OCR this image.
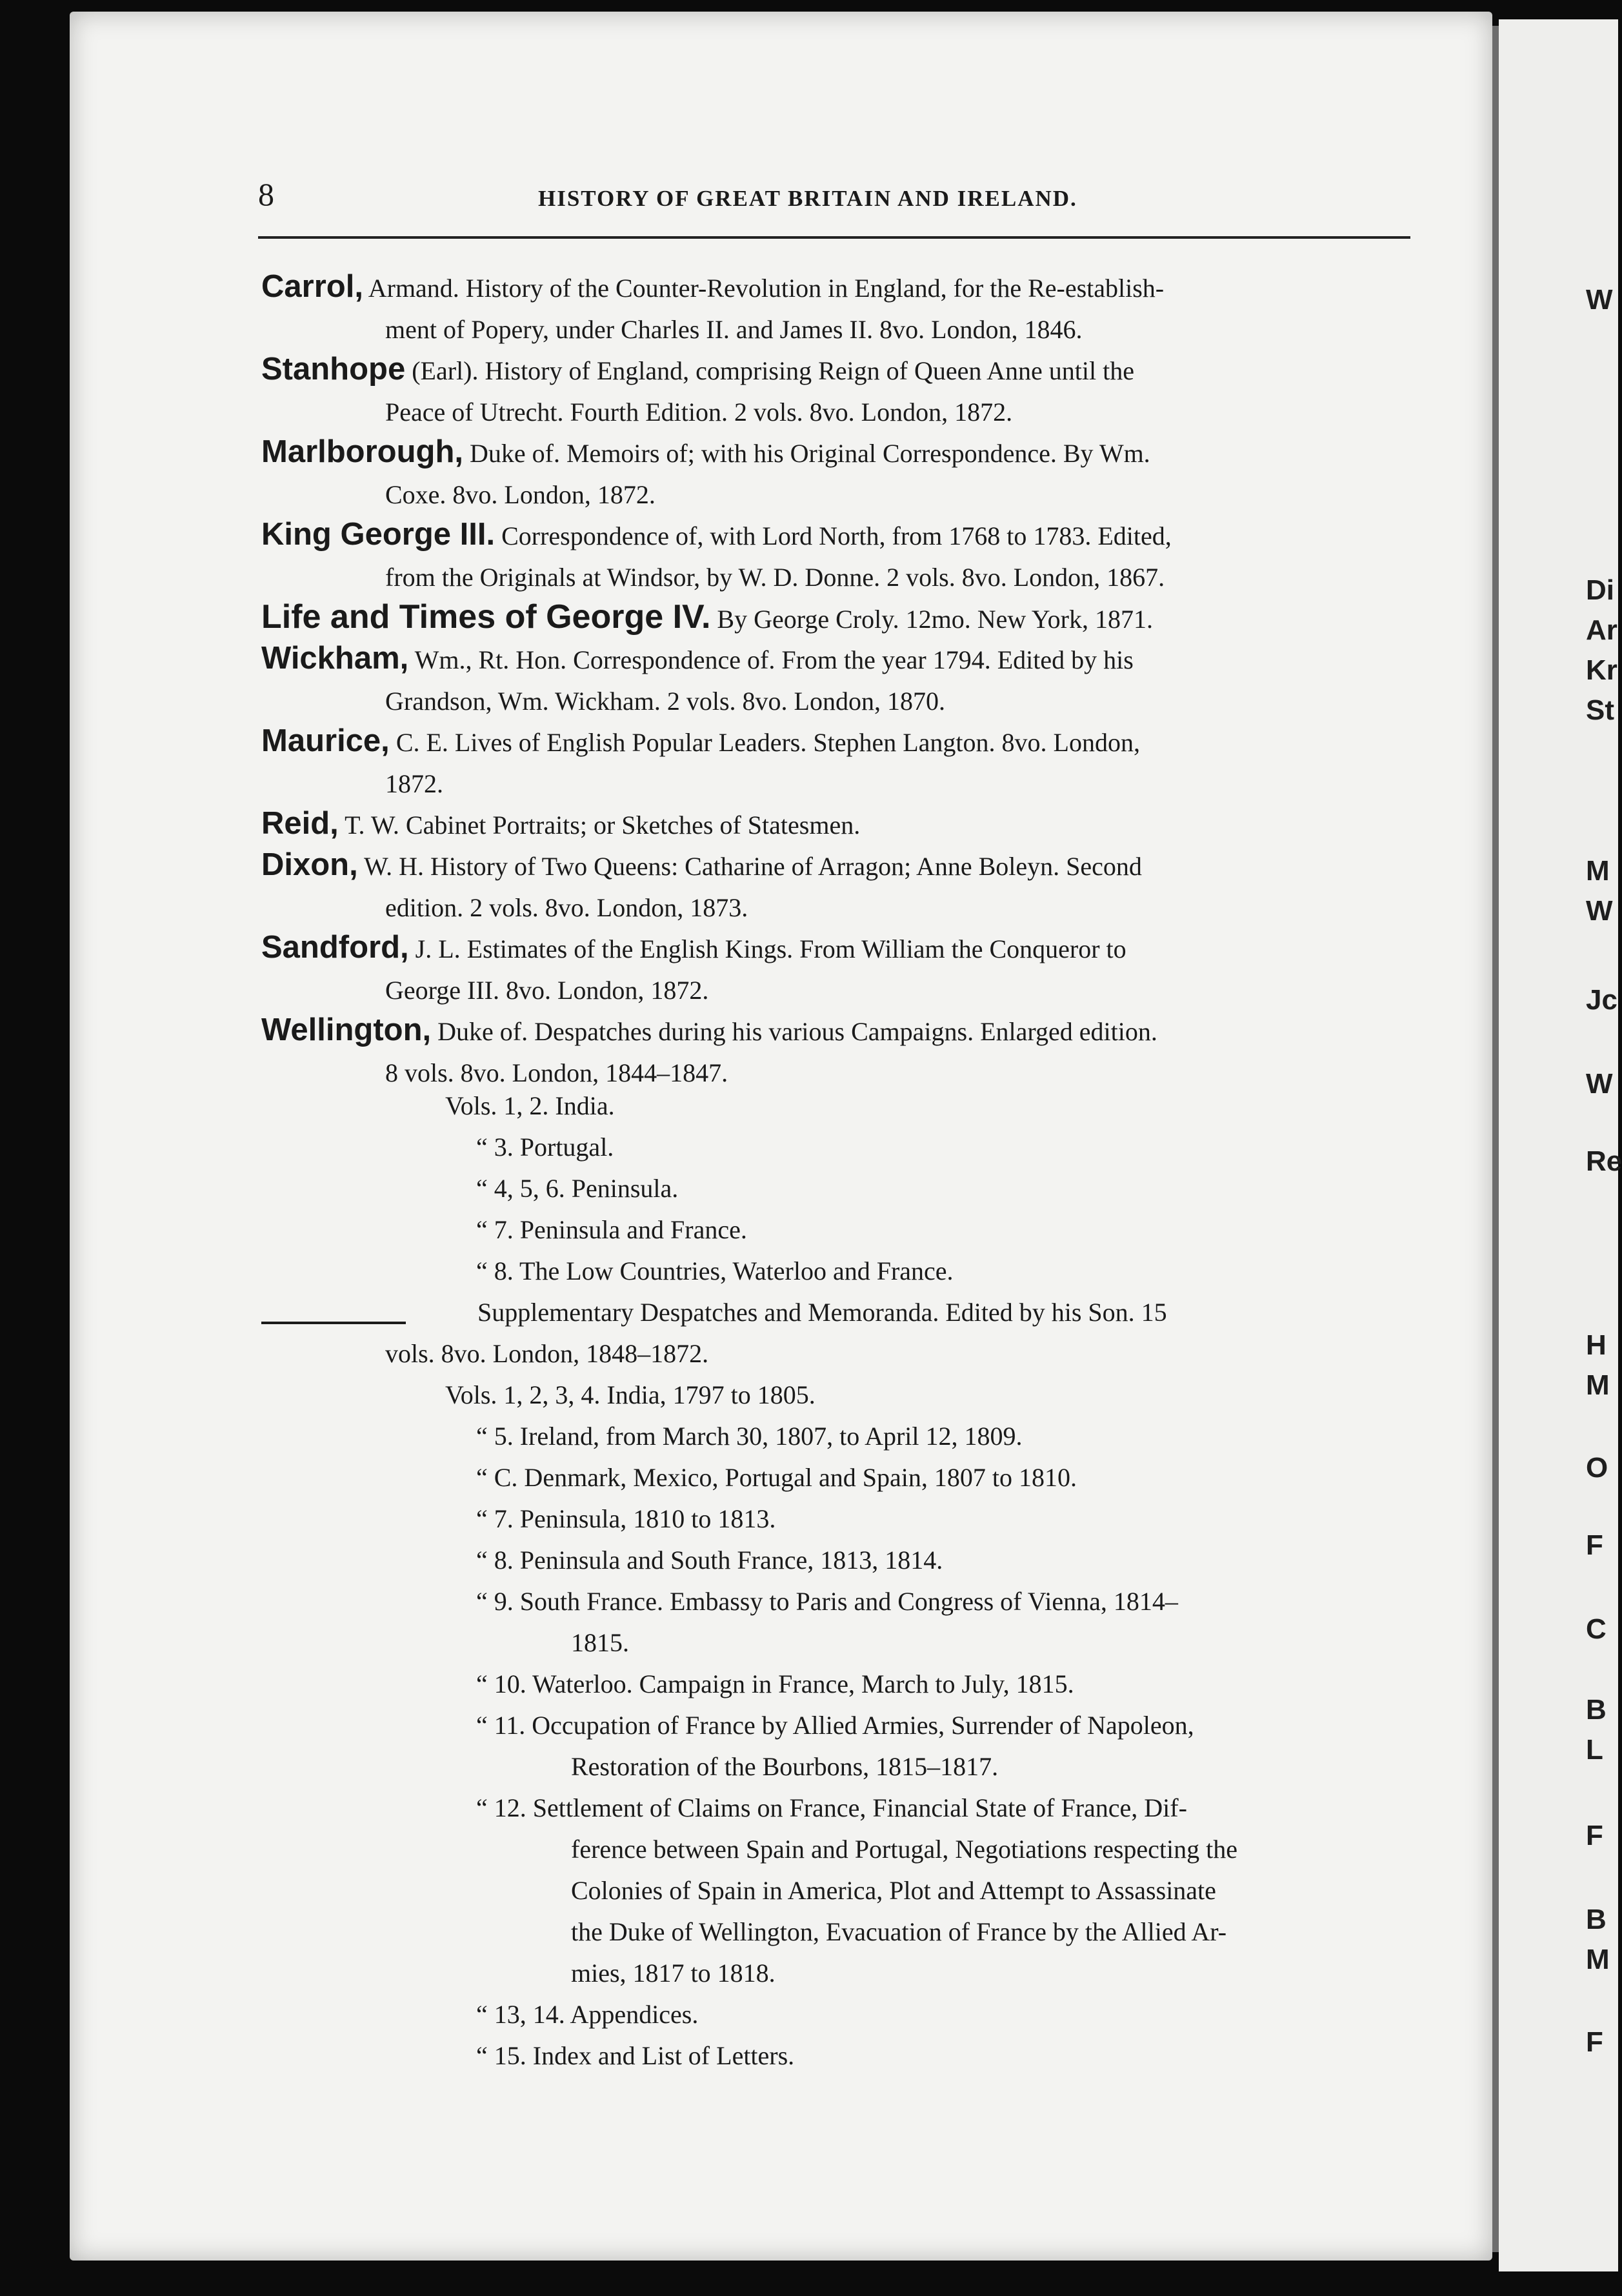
W
Di
Ar
Kr
St
M
W
Jc
W
Re
H
M
O
F
C
B
L
F
B
M
F
8	HISTORY OF GREAT BRITAIN AND IRELAND.
Carrol, Armand. History of the Counter-Revolution in England, for the Re-establish-
ment of Popery, under Charles II. and James II. 8vo. London, 1846.
Stanhope (Earl). History of England, comprising Reign of Queen Anne until the
Peace of Utrecht. Fourth Edition. 2 vols. 8vo. London, 1872.
Marlborough, Duke of. Memoirs of; with his Original Correspondence. By Wm.
Coxe. 8vo. London, 1872.
King George III. Correspondence of, with Lord North, from 1768 to 1783. Edited,
from the Originals at Windsor, by W. D. Donne. 2 vols. 8vo. London, 1867.
Life and Times of George IV. By George Croly. 12mo. New York, 1871.
Wickham, Wm., Rt. Hon. Correspondence of. From the year 1794. Edited by his
Grandson, Wm. Wickham. 2 vols. 8vo. London, 1870.
Maurice, C. E. Lives of English Popular Leaders. Stephen Langton. 8vo. London,
1872.
Reid, T. W. Cabinet Portraits; or Sketches of Statesmen.
Dixon, W. H. History of Two Queens: Catharine of Arragon; Anne Boleyn. Second
edition. 2 vols. 8vo. London, 1873.
Sandford, J. L. Estimates of the English Kings. From William the Conqueror to
George III. 8vo. London, 1872.
Wellington, Duke of. Despatches during his various Campaigns. Enlarged edition.
8 vols. 8vo. London, 1844–1847.
Vols. 1, 2. India.
“ 3. Portugal.
“ 4, 5, 6. Peninsula.
“ 7. Peninsula and France.
“ 8. The Low Countries, Waterloo and France.
Supplementary Despatches and Memoranda. Edited by his Son. 15
vols. 8vo. London, 1848–1872.
Vols. 1, 2, 3, 4. India, 1797 to 1805.
“ 5. Ireland, from March 30, 1807, to April 12, 1809.
“ C. Denmark, Mexico, Portugal and Spain, 1807 to 1810.
“ 7. Peninsula, 1810 to 1813.
“ 8. Peninsula and South France, 1813, 1814.
“ 9. South France. Embassy to Paris and Congress of Vienna, 1814–
1815.
“ 10. Waterloo. Campaign in France, March to July, 1815.
“ 11. Occupation of France by Allied Armies, Surrender of Napoleon,
Restoration of the Bourbons, 1815–1817.
“ 12. Settlement of Claims on France, Financial State of France, Dif-
ference between Spain and Portugal, Negotiations respecting the
Colonies of Spain in America, Plot and Attempt to Assassinate
the Duke of Wellington, Evacuation of France by the Allied Ar-
mies, 1817 to 1818.
“ 13, 14. Appendices.
“ 15. Index and List of Letters.
